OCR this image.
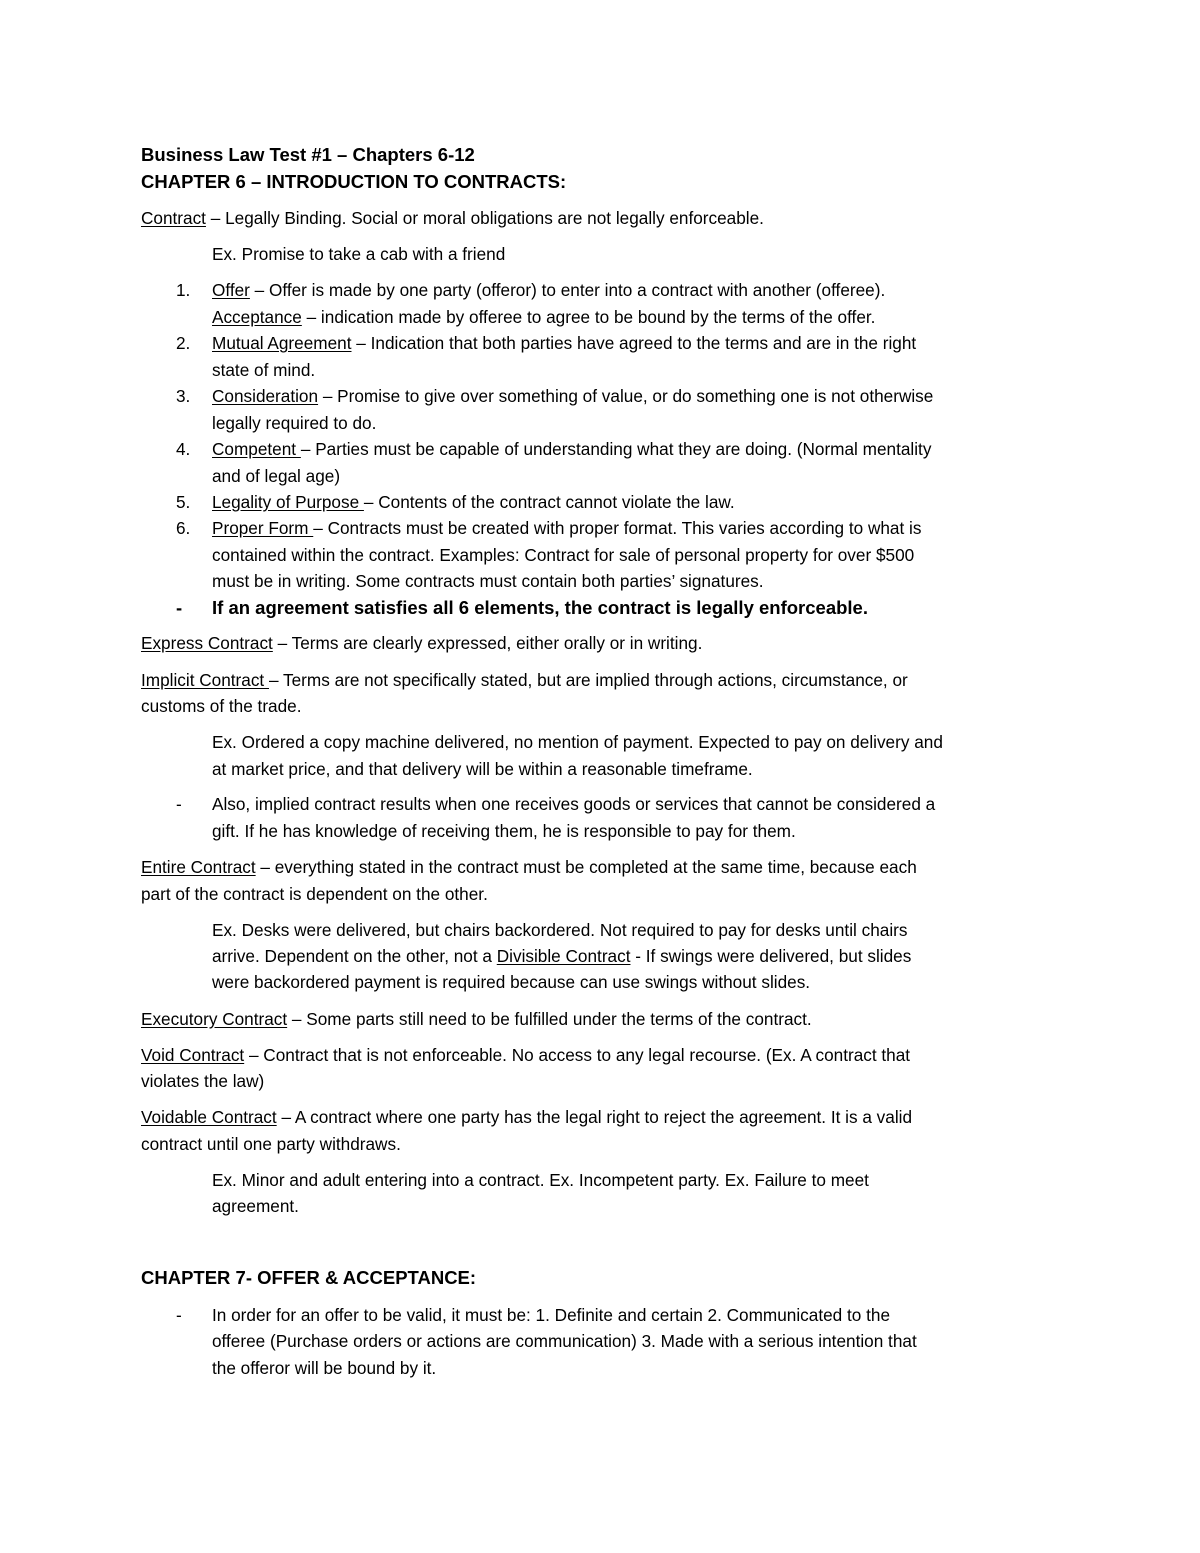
Business Law Test #1 – Chapters 6-12

CHAPTER 6 – INTRODUCTION TO CONTRACTS:

Contract – Legally Binding. Social or moral obligations are not legally enforceable.

Ex. Promise to take a cab with a friend

1. Offer – Offer is made by one party (offeror) to enter into a contract with another (offeree).

Acceptance – indication made by offeree to agree to be bound by the terms of the offer.

2. Mutual Agreement – Indication that both parties have agreed to the terms and are in the right

state of mind.

3. Consideration – Promise to give over something of value, or do something one is not otherwise

legally required to do.

4. Competent – Parties must be capable of understanding what they are doing. (Normal mentality

and of legal age)

5. Legality of Purpose – Contents of the contract cannot violate the law.

6. Proper Form – Contracts must be created with proper format. This varies according to what is

contained within the contract. Examples: Contract for sale of personal property for over $500

must be in writing. Some contracts must contain both parties’ signatures.

- If an agreement satisfies all 6 elements, the contract is legally enforceable.

Express Contract – Terms are clearly expressed, either orally or in writing.

Implicit Contract – Terms are not specifically stated, but are implied through actions, circumstance, or

customs of the trade.

Ex. Ordered a copy machine delivered, no mention of payment. Expected to pay on delivery and

at market price, and that delivery will be within a reasonable timeframe.

- Also, implied contract results when one receives goods or services that cannot be considered a

gift. If he has knowledge of receiving them, he is responsible to pay for them.

Entire Contract – everything stated in the contract must be completed at the same time, because each

part of the contract is dependent on the other.

Ex. Desks were delivered, but chairs backordered. Not required to pay for desks until chairs

arrive. Dependent on the other, not a Divisible Contract - If swings were delivered, but slides

were backordered payment is required because can use swings without slides.

Executory Contract – Some parts still need to be fulfilled under the terms of the contract.

Void Contract – Contract that is not enforceable. No access to any legal recourse. (Ex. A contract that

violates the law)

Voidable Contract – A contract where one party has the legal right to reject the agreement. It is a valid

contract until one party withdraws.

Ex. Minor and adult entering into a contract. Ex. Incompetent party. Ex. Failure to meet

agreement.

CHAPTER 7- OFFER & ACCEPTANCE:

- In order for an offer to be valid, it must be: 1. Definite and certain 2. Communicated to the

offeree (Purchase orders or actions are communication) 3. Made with a serious intention that

the offeror will be bound by it.
